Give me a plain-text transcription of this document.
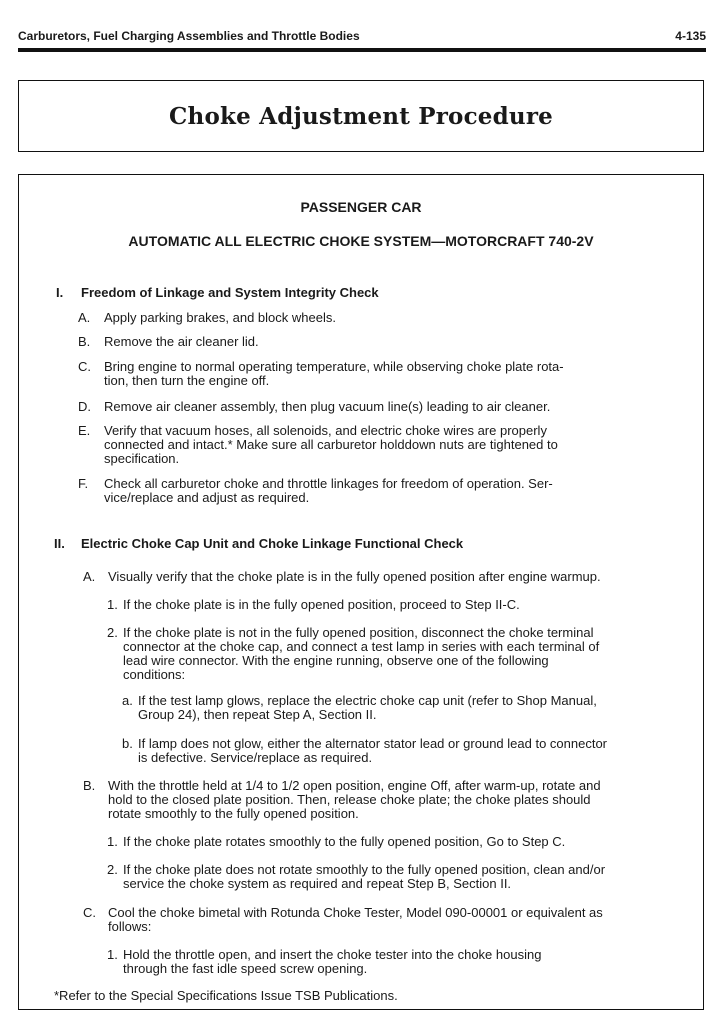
Carburetors, Fuel Charging Assemblies and Throttle Bodies	4-135
Choke Adjustment Procedure
PASSENGER CAR
AUTOMATIC ALL ELECTRIC CHOKE SYSTEM—MOTORCRAFT 740-2V
I. Freedom of Linkage and System Integrity Check
A. Apply parking brakes, and block wheels.
B. Remove the air cleaner lid.
C. Bring engine to normal operating temperature, while observing choke plate rota-
tion, then turn the engine off.
D. Remove air cleaner assembly, then plug vacuum line(s) leading to air cleaner.
E. Verify that vacuum hoses, all solenoids, and electric choke wires are properly
connected and intact.* Make sure all carburetor holddown nuts are tightened to
specification.
F. Check all carburetor choke and throttle linkages for freedom of operation. Ser-
vice/replace and adjust as required.
II. Electric Choke Cap Unit and Choke Linkage Functional Check
A. Visually verify that the choke plate is in the fully opened position after engine warmup.
1. If the choke plate is in the fully opened position, proceed to Step II-C.
2. If the choke plate is not in the fully opened position, disconnect the choke terminal
connector at the choke cap, and connect a test lamp in series with each terminal of
lead wire connector. With the engine running, observe one of the following
conditions:
a. If the test lamp glows, replace the electric choke cap unit (refer to Shop Manual,
Group 24), then repeat Step A, Section II.
b. If lamp does not glow, either the alternator stator lead or ground lead to connector
is defective. Service/replace as required.
B. With the throttle held at 1/4 to 1/2 open position, engine Off, after warm-up, rotate and
hold to the closed plate position. Then, release choke plate; the choke plates should
rotate smoothly to the fully opened position.
1. If the choke plate rotates smoothly to the fully opened position, Go to Step C.
2. If the choke plate does not rotate smoothly to the fully opened position, clean and/or
service the choke system as required and repeat Step B, Section II.
C. Cool the choke bimetal with Rotunda Choke Tester, Model 090-00001 or equivalent as
follows:
1. Hold the throttle open, and insert the choke tester into the choke housing
through the fast idle speed screw opening.
*Refer to the Special Specifications Issue TSB Publications.
